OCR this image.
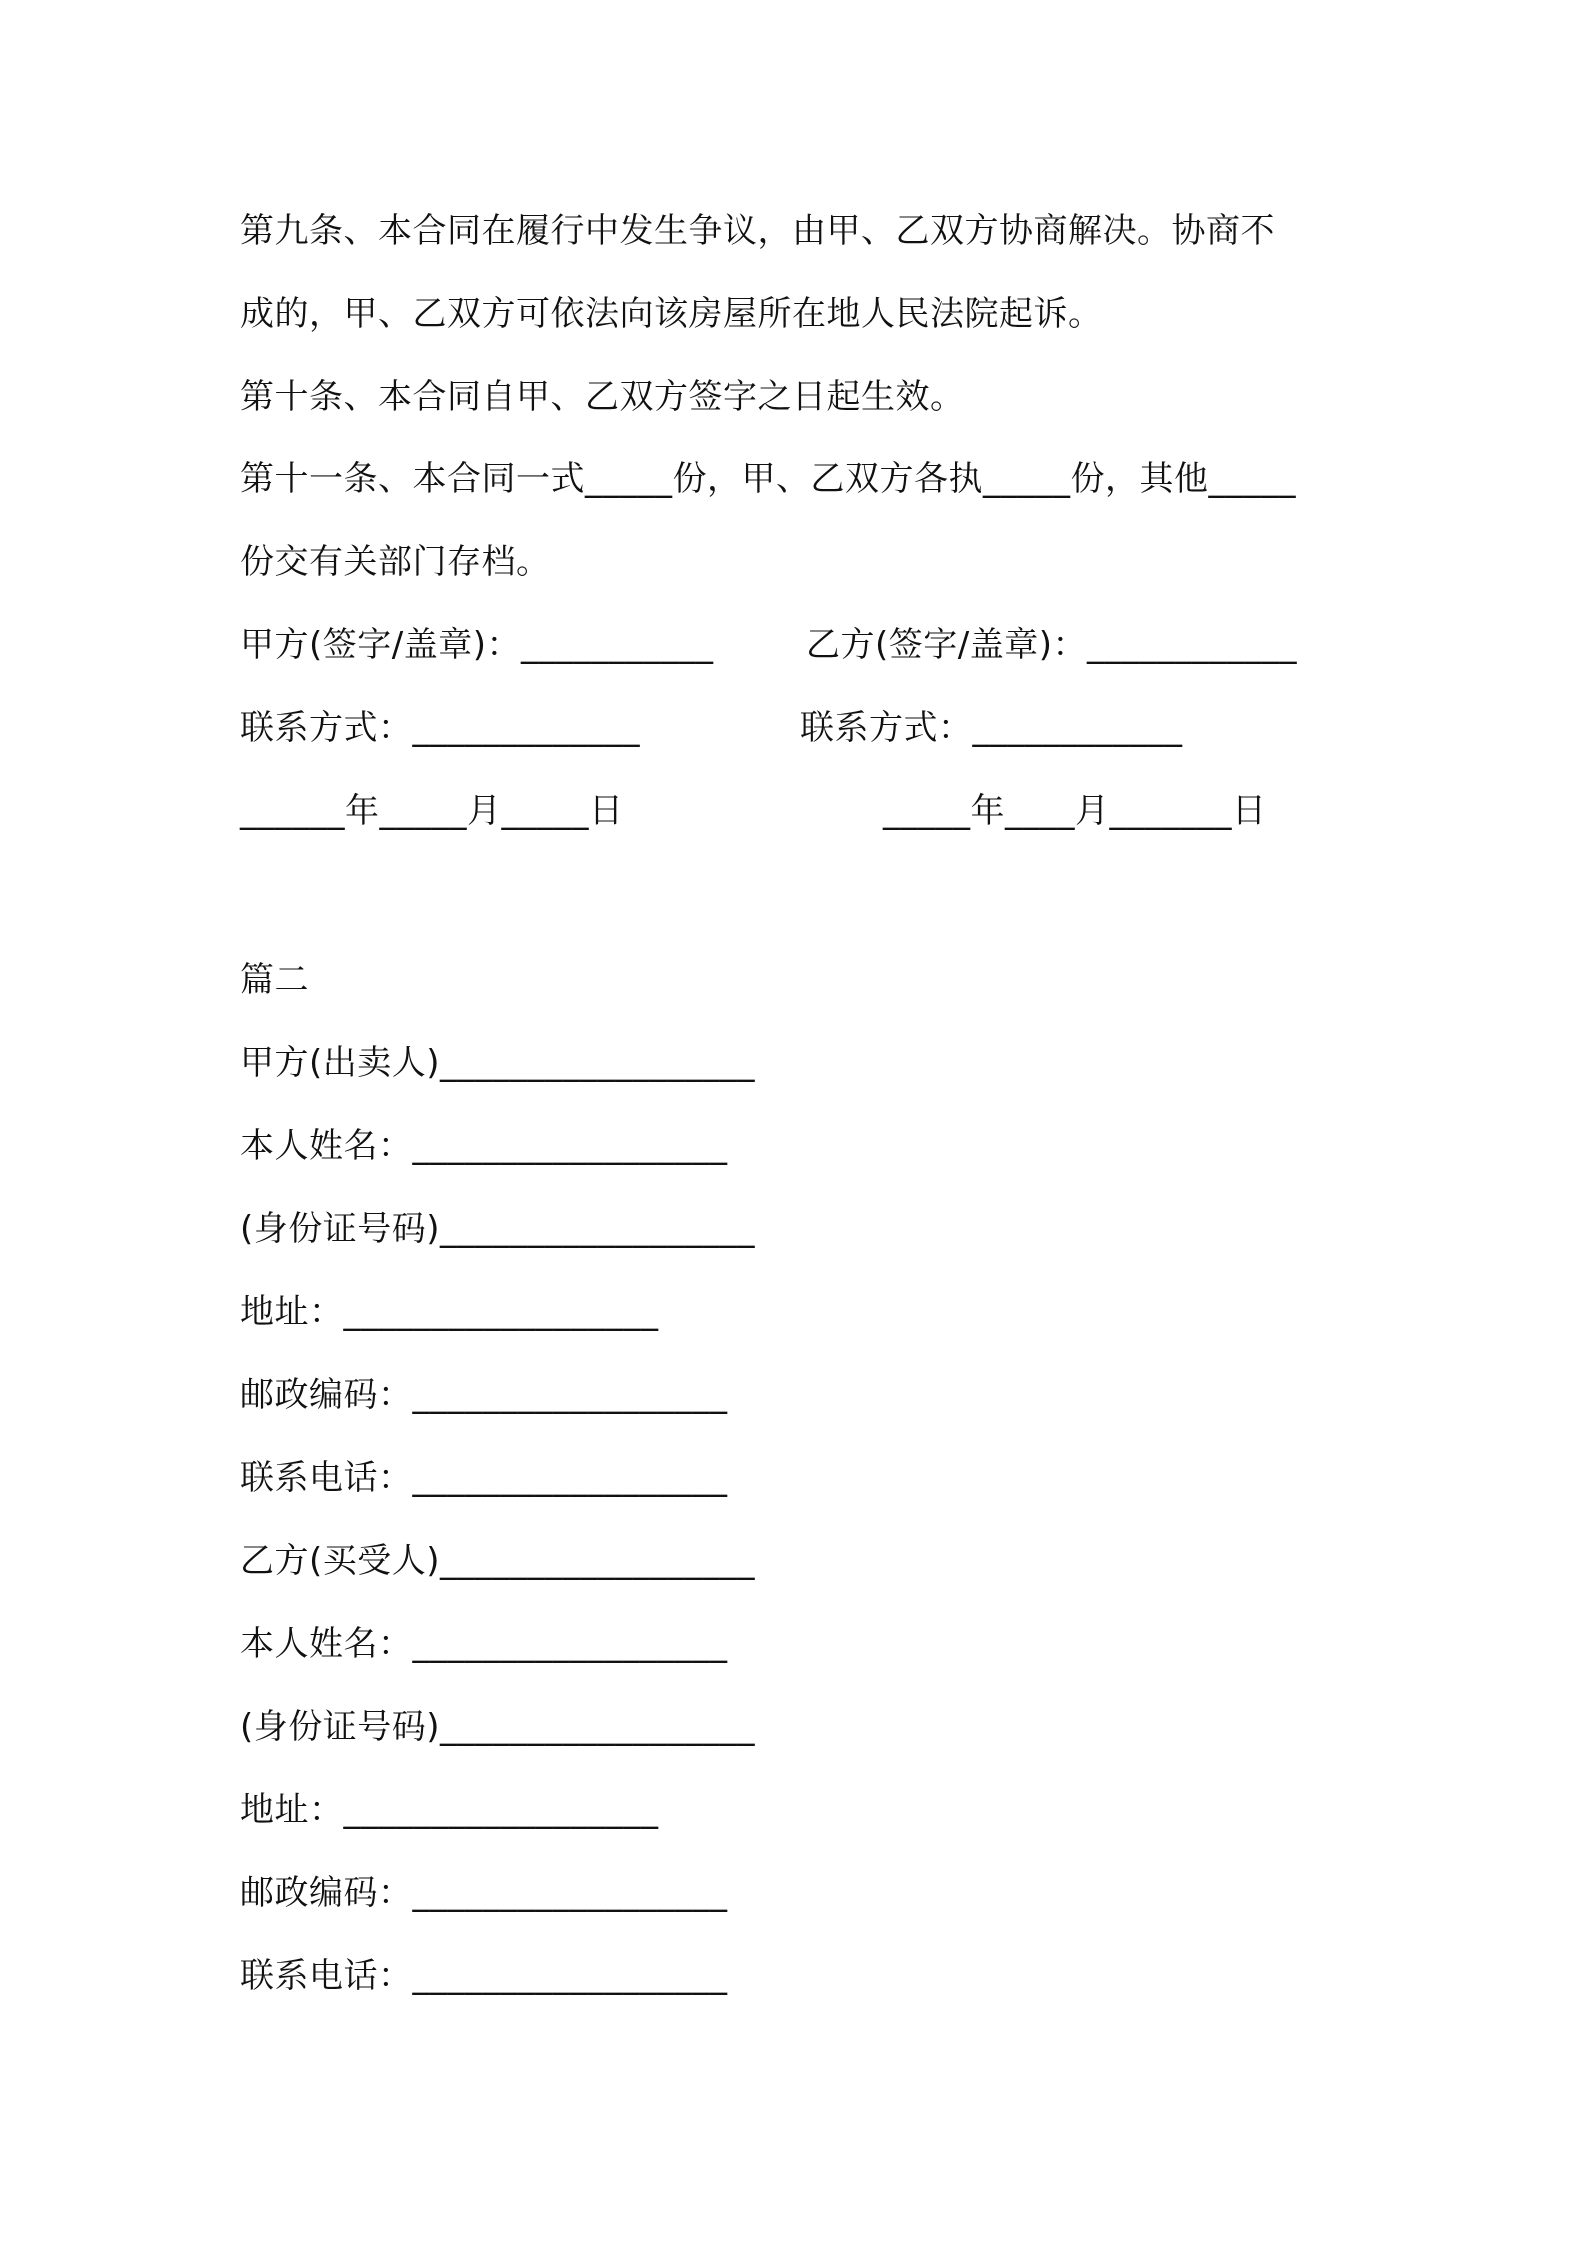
第九条、本合同在履行中发生争议，由甲、乙双方协商解决。协商不

成的，甲、乙双方可依法向该房屋所在地人民法院起诉。

第十条、本合同自甲、乙双方签字之日起生效。

第十一条、本合同一式_____份，甲、乙双方各执_____份，其他_____

份交有关部门存档。

甲方(签字/盖章)：___________	乙方(签字/盖章)：____________

联系方式：_____________	联系方式：____________

______年_____月_____日	_____年____月_______日

篇二

甲方(出卖人)__________________

本人姓名：__________________

(身份证号码)__________________

地址：__________________

邮政编码：__________________

联系电话：__________________

乙方(买受人)__________________

本人姓名：__________________

(身份证号码)__________________

地址：__________________

邮政编码：__________________

联系电话：__________________
